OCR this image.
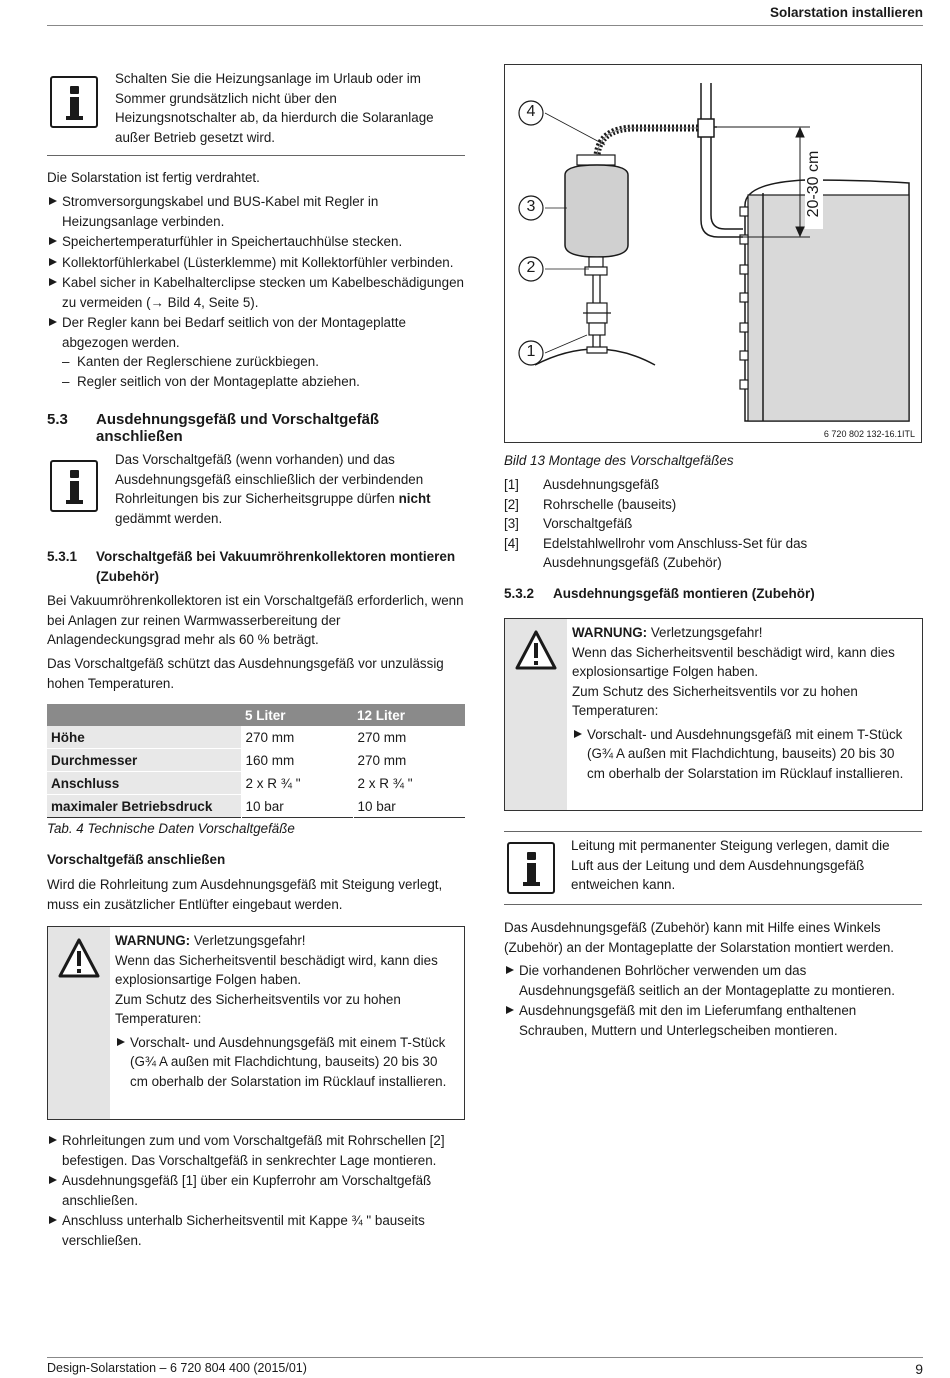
Solarstation installieren

Schalten Sie die Heizungsanlage im Urlaub oder im Sommer grundsätzlich nicht über den Heizungsnotschalter ab, da hierdurch die Solaranlage außer Betrieb gesetzt wird.

Die Solarstation ist fertig verdrahtet.

Stromversorgungskabel und BUS-Kabel mit Regler in Heizungsanlage verbinden.

Speichertemperaturfühler in Speichertauchhülse stecken.

Kollektorfühlerkabel (Lüsterklemme) mit Kollektorfühler verbinden.

Kabel sicher in Kabelhalterclipse stecken um Kabelbeschädigungen zu vermeiden (→ Bild 4, Seite 5).

Der Regler kann bei Bedarf seitlich von der Montageplatte abgezogen werden.

– Kanten der Reglerschiene zurückbiegen.

– Regler seitlich von der Montageplatte abziehen.

5.3 Ausdehnungsgefäß und Vorschaltgefäß anschließen

Das Vorschaltgefäß (wenn vorhanden) und das Ausdehnungsgefäß einschließlich der verbindenden Rohrleitungen bis zur Sicherheitsgruppe dürfen nicht gedämmt werden.

5.3.1 Vorschaltgefäß bei Vakuumröhrenkollektoren montieren (Zubehör)

Bei Vakuumröhrenkollektoren ist ein Vorschaltgefäß erforderlich, wenn bei Anlagen zur reinen Warmwasserbereitung der Anlagendeckungsgrad mehr als 60 % beträgt.

Das Vorschaltgefäß schützt das Ausdehnungsgefäß vor unzulässig hohen Temperaturen.

	5 Liter	12 Liter
Höhe	270 mm	270 mm
Durchmesser	160 mm	270 mm
Anschluss	2 x R ¾ "	2 x R ¾ "
maximaler Betriebsdruck	10 bar	10 bar

Tab. 4 Technische Daten Vorschaltgefäße

Vorschaltgefäß anschließen

Wird die Rohrleitung zum Ausdehnungsgefäß mit Steigung verlegt, muss ein zusätzlicher Entlüfter eingebaut werden.

WARNUNG: Verletzungsgefahr!

Wenn das Sicherheitsventil beschädigt wird, kann dies explosionsartige Folgen haben.

Zum Schutz des Sicherheitsventils vor zu hohen Temperaturen:

Vorschalt- und Ausdehnungsgefäß mit einem T-Stück (G¾ A außen mit Flachdichtung, bauseits) 20 bis 30 cm oberhalb der Solarstation im Rücklauf installieren.

Rohrleitungen zum und vom Vorschaltgefäß mit Rohrschellen [2] befestigen. Das Vorschaltgefäß in senkrechter Lage montieren.

Ausdehnungsgefäß [1] über ein Kupferrohr am Vorschaltgefäß anschließen.

Anschluss unterhalb Sicherheitsventil mit Kappe ¾ " bauseits verschließen.

4
3
2
1
20-30 cm
6 720 802 132-16.1ITL

Bild 13 Montage des Vorschaltgefäßes

[1]	Ausdehnungsgefäß
[2]	Rohrschelle (bauseits)
[3]	Vorschaltgefäß
[4]	Edelstahlwellrohr vom Anschluss-Set für das Ausdehnungsgefäß (Zubehör)
5.3.2 Ausdehnungsgefäß montieren (Zubehör)

WARNUNG: Verletzungsgefahr!

Wenn das Sicherheitsventil beschädigt wird, kann dies explosionsartige Folgen haben.

Zum Schutz des Sicherheitsventils vor zu hohen Temperaturen:

Vorschalt- und Ausdehnungsgefäß mit einem T-Stück (G¾ A außen mit Flachdichtung, bauseits) 20 bis 30 cm oberhalb der Solarstation im Rücklauf installieren.

Leitung mit permanenter Steigung verlegen, damit die Luft aus der Leitung und dem Ausdehnungsgefäß entweichen kann.

Das Ausdehnungsgefäß (Zubehör) kann mit Hilfe eines Winkels (Zubehör) an der Montageplatte der Solarstation montiert werden.

Die vorhandenen Bohrlöcher verwenden um das Ausdehnungsgefäß seitlich an der Montageplatte zu montieren.

Ausdehnungsgefäß mit den im Lieferumfang enthaltenen Schrauben, Muttern und Unterlegscheiben montieren.

Design-Solarstation – 6 720 804 400 (2015/01)	9
